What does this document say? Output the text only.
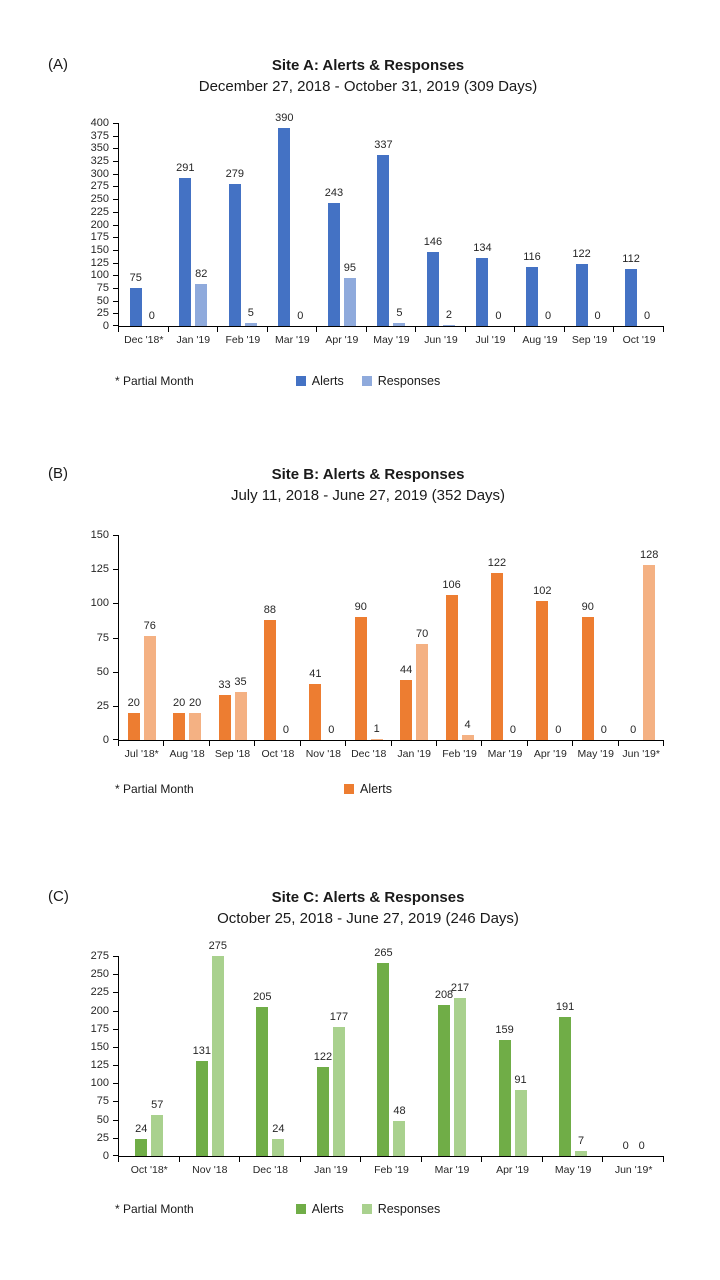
(A)	Site A: Alerts & Responses
December 27, 2018 - October 31, 2019 (309 Days)
0
25
50
75
100
125
150
175
200
225
250
275
300
325
350
375
400
75
0
291
82
279
5
390
0
243
95
337
5
146
2
134
0
116
0
122
0
112
0
Dec '18*	Jan '19	Feb '19	Mar '19	Apr '19	May '19	Jun '19	Jul '19	Aug '19	Sep '19	Oct '19
* Partial Month	Alerts	Responses
(B)	Site B: Alerts & Responses
July 11, 2018 - June 27, 2019 (352 Days)
0
25
50
75
100
125
150
20
76
20 20
33 35
88
0
41
0
90
1
44
70
106
4
122
0
102
0
90
0 0
128
Jul '18*	Aug '18 Sep '18	Oct '18	Nov '18 Dec '18	Jan '19	Feb '19	Mar '19	Apr '19	May '19 Jun '19*
* Partial Month	Alerts
(C)	Site C: Alerts & Responses
October 25, 2018 - June 27, 2019 (246 Days)
0
25
50
75
100
125
150
175
200
225
250
275
24
57
131
275
205
24
122
177
265
48
208
217
159
91
191
7	0 0
Oct '18*	Nov '18	Dec '18	Jan '19	Feb '19	Mar '19	Apr '19	May '19	Jun '19*
* Partial Month	Alerts	Responses
